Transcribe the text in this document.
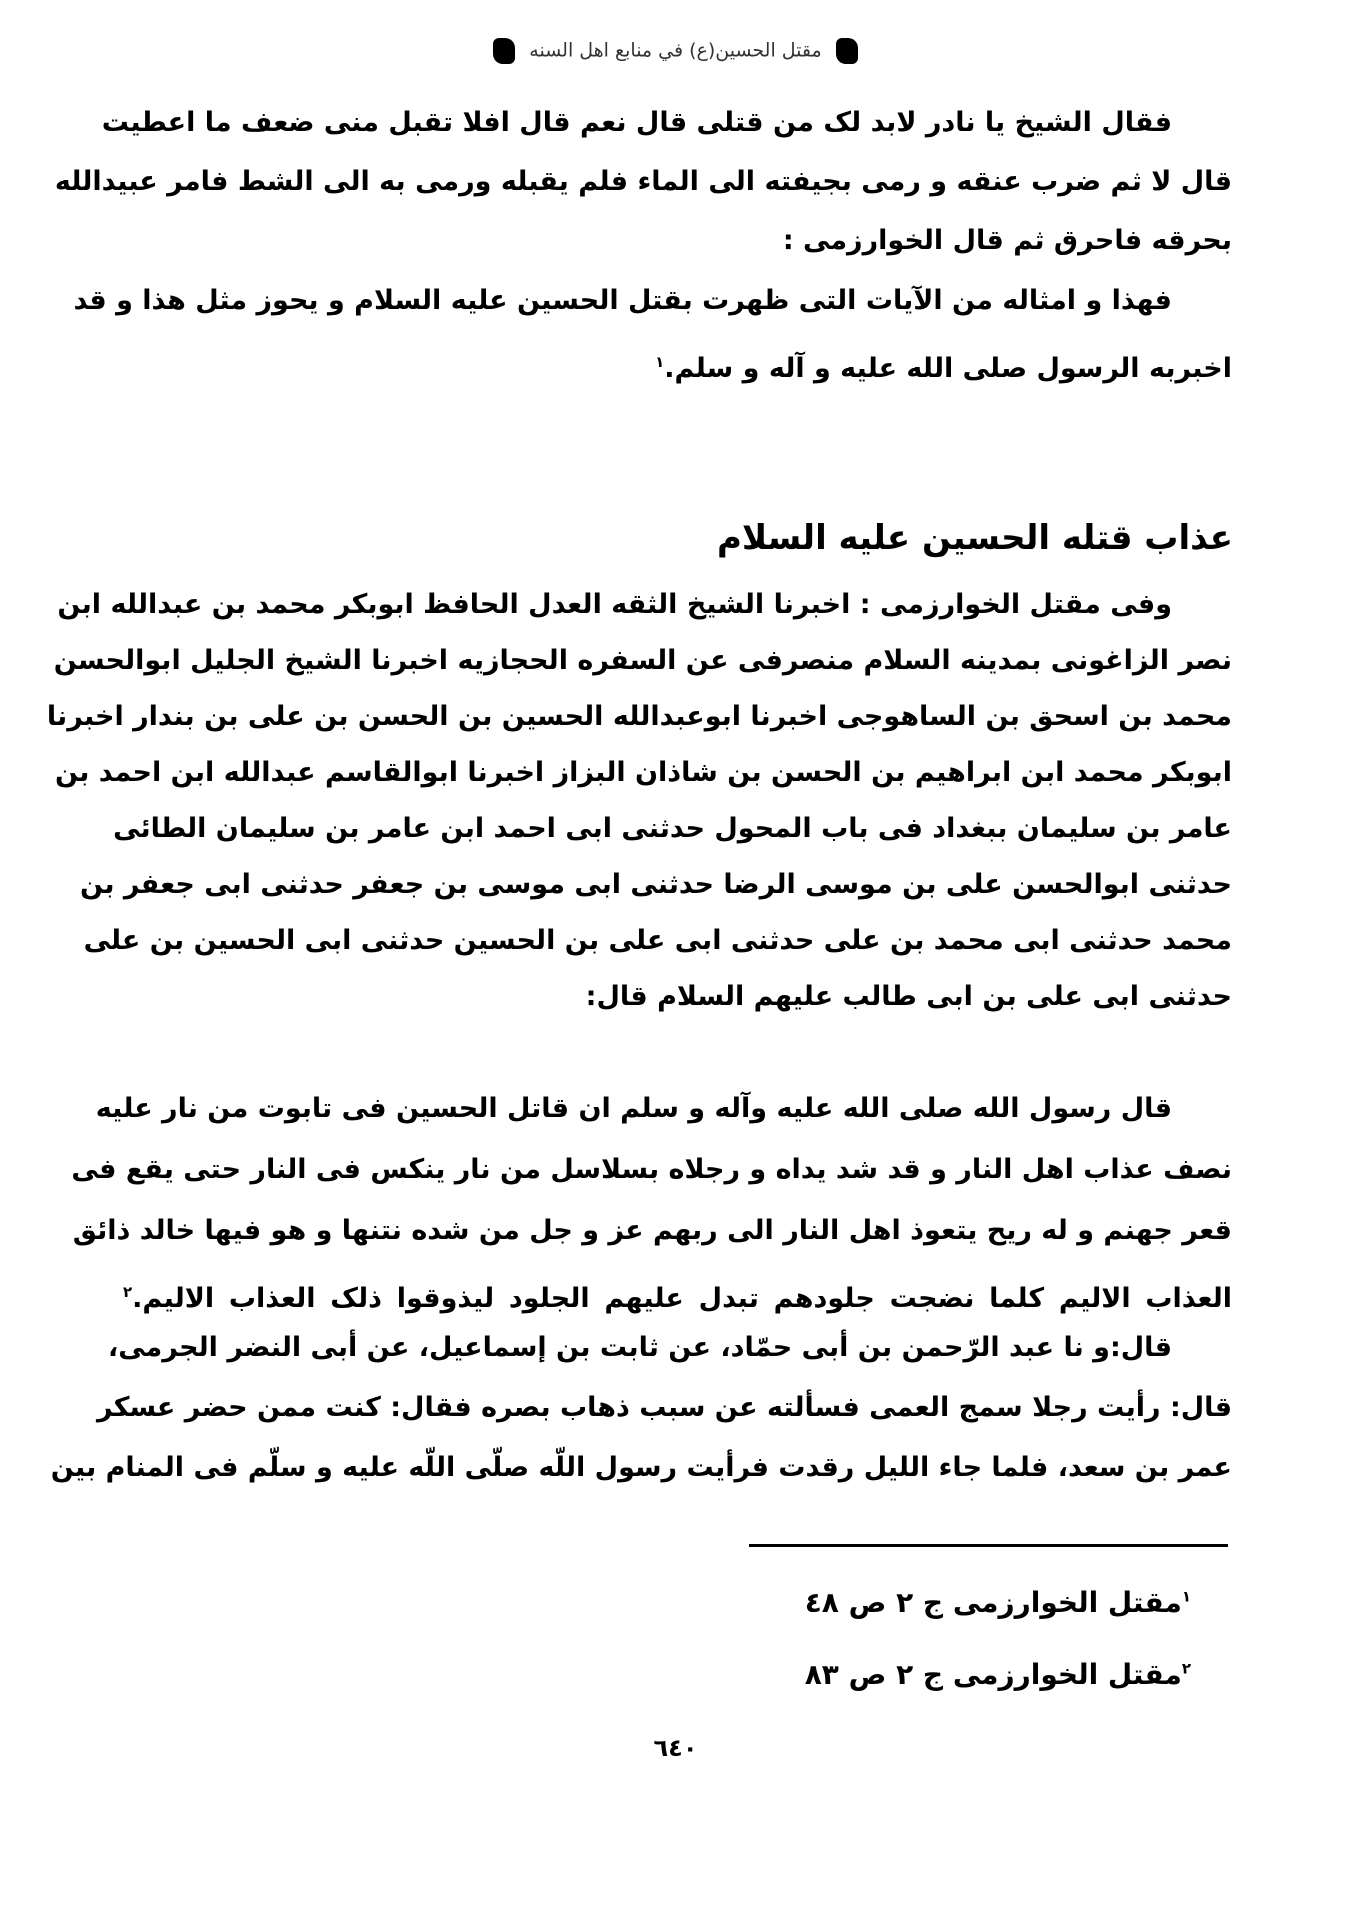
مقتل الحسين(ع) في منابع اهل السنه
فقال الشيخ يا نادر لابد لک من قتلی قال نعم قال افلا تقبل منی ضعف ما اعطيت
قال لا ثم ضرب عنقه و رمی بجيفته الی الماء فلم يقبله ورمی به الی الشط فامر عبيدالله
بحرقه فاحرق ثم قال الخوارزمی :
فهذا و امثاله من الآيات التی ظهرت بقتل الحسين عليه السلام و يحوز مثل هذا و قد
اخبربه الرسول صلی الله عليه و آله و سلم.$^١$
وفی مقتل الخوارزمی : اخبرنا الشيخ الثقه العدل الحافظ ابوبکر محمد بن عبدالله ابن
نصر الزاغونی بمدينه السلام منصرفی عن السفره الحجازيه اخبرنا الشيخ الجليل ابوالحسن
محمد بن اسحق بن الساهوجی اخبرنا ابوعبدالله الحسين بن الحسن بن علی بن بندار اخبرنا
ابوبکر محمد ابن ابراهيم بن الحسن بن شاذان البزاز اخبرنا ابوالقاسم عبدالله ابن احمد بن
عامر بن سليمان ببغداد فی باب المحول حدثنی ابی احمد ابن عامر بن سليمان الطائی
حدثنی ابوالحسن علی بن موسی الرضا حدثنی ابی موسی بن جعفر حدثنی ابی جعفر بن
محمد حدثنی ابی محمد بن علی حدثنی ابی علی بن الحسين حدثنی ابی الحسين بن علی
حدثنی ابی علی بن ابی طالب عليهم السلام قال:
قال رسول الله صلی الله عليه وآله و سلم ان قاتل الحسين فی تابوت من نار عليه
نصف عذاب اهل النار و قد شد يداه و رجلاه بسلاسل من نار ينکس فی النار حتی يقع فی
قعر جهنم و له ريح يتعوذ اهل النار الی ربهم عز و جل من شده نتنها و هو فيها خالد ذائق
العذاب الاليم کلما نضجت جلودهم تبدل عليهم الجلود ليذوقوا ذلک العذاب الاليم.$^٢$
قال:و نا عبد الرّحمن بن أبی حمّاد، عن ثابت بن إسماعيل، عن أبی النضر الجرمی،
قال: رأيت رجلا سمج العمی فسألته عن سبب ذهاب بصره فقال: کنت ممن حضر عسکر
عمر بن سعد، فلما جاء الليل رقدت فرأيت رسول اللّه صلّی اللّه عليه و سلّم فی المنام بين
عذاب قتله الحسين عليه السلام
$^١$مقتل الخوارزمی ج ٢ ص ٤٨
$^٢$مقتل الخوارزمی ج ٢ ص ٨٣
٦٤٠
